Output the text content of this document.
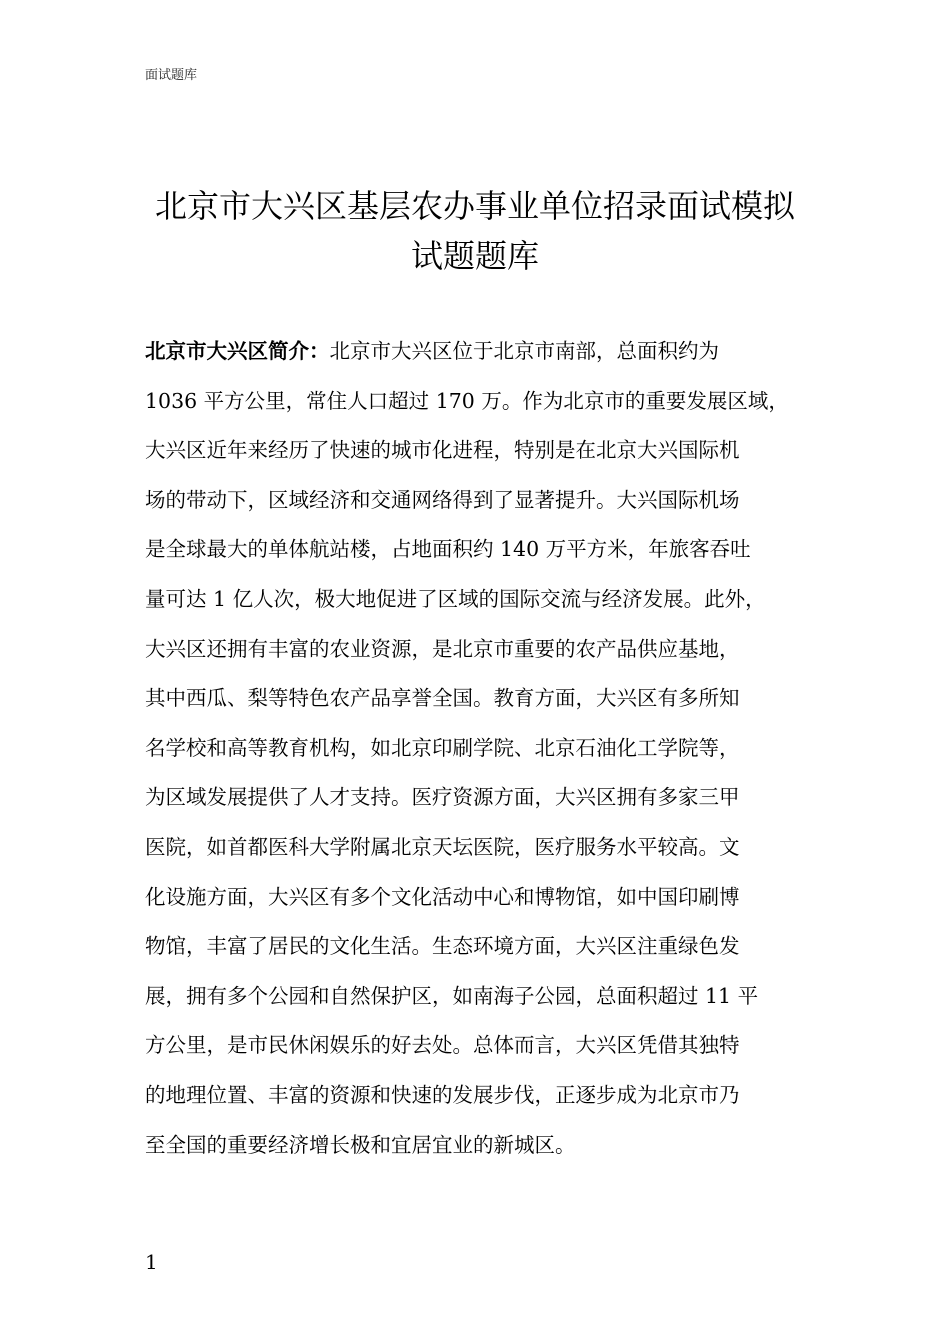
面试题库
北京市大兴区基层农办事业单位招录面试模拟
试题题库
北京市大兴区简介：北京市大兴区位于北京市南部，总面积约为
1036 平方公里，常住人口超过 170 万。作为北京市的重要发展区域，
大兴区近年来经历了快速的城市化进程，特别是在北京大兴国际机
场的带动下，区域经济和交通网络得到了显著提升。大兴国际机场
是全球最大的单体航站楼，占地面积约 140 万平方米，年旅客吞吐
量可达 1 亿人次，极大地促进了区域的国际交流与经济发展。此外，
大兴区还拥有丰富的农业资源，是北京市重要的农产品供应基地，
其中西瓜、梨等特色农产品享誉全国。教育方面，大兴区有多所知
名学校和高等教育机构，如北京印刷学院、北京石油化工学院等，
为区域发展提供了人才支持。医疗资源方面，大兴区拥有多家三甲
医院，如首都医科大学附属北京天坛医院，医疗服务水平较高。文
化设施方面，大兴区有多个文化活动中心和博物馆，如中国印刷博
物馆，丰富了居民的文化生活。生态环境方面，大兴区注重绿色发
展，拥有多个公园和自然保护区，如南海子公园，总面积超过 11 平
方公里，是市民休闲娱乐的好去处。总体而言，大兴区凭借其独特
的地理位置、丰富的资源和快速的发展步伐，正逐步成为北京市乃
至全国的重要经济增长极和宜居宜业的新城区。
1
